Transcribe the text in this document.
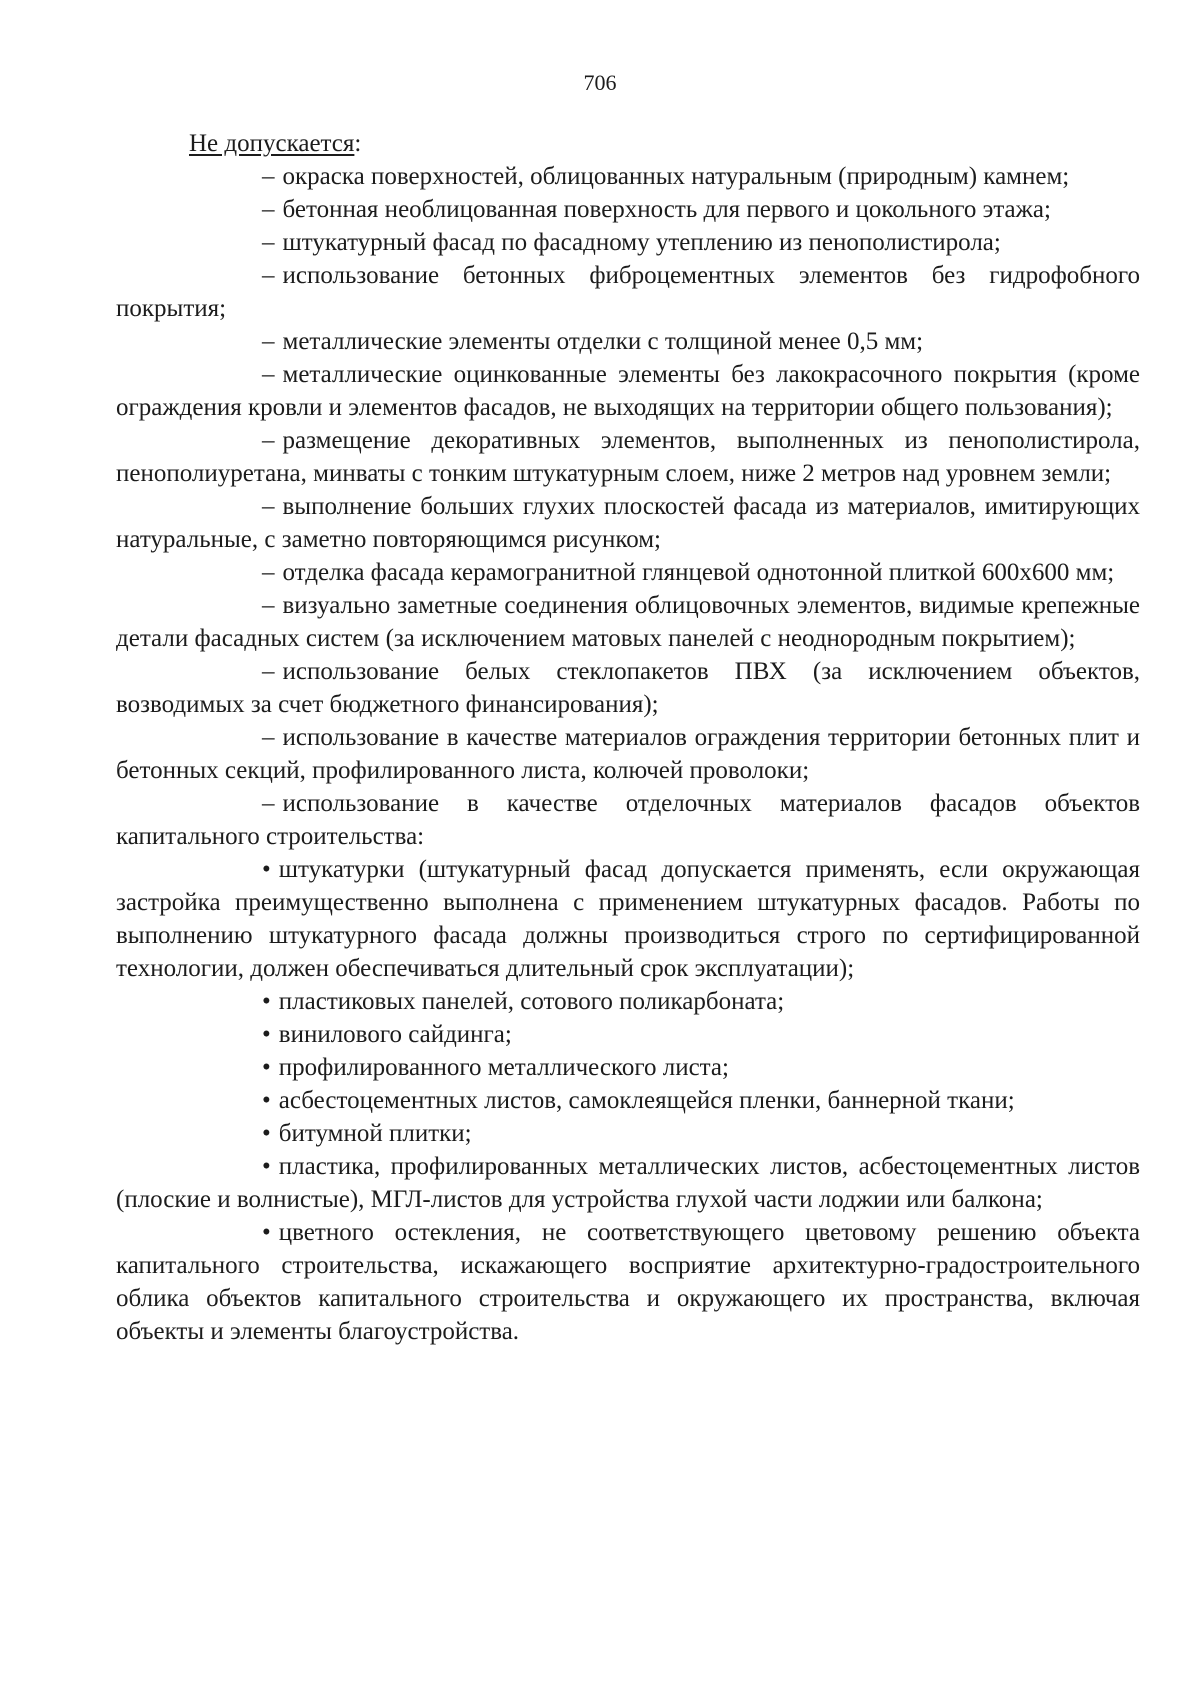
706

Не допускается:

– окраска поверхностей, облицованных натуральным (природным) камнем;

– бетонная необлицованная поверхность для первого и цокольного этажа;

– штукатурный фасад по фасадному утеплению из пенополистирола;

– использование бетонных фиброцементных элементов без гидрофобного покрытия;

– металлические элементы отделки с толщиной менее 0,5 мм;

– металлические оцинкованные элементы без лакокрасочного покрытия (кроме ограждения кровли и элементов фасадов, не выходящих на территории общего пользования);

– размещение декоративных элементов, выполненных из пенополистирола, пенополиуретана, минваты с тонким штукатурным слоем, ниже 2 метров над уровнем земли;

– выполнение больших глухих плоскостей фасада из материалов, имитирующих натуральные, с заметно повторяющимся рисунком;

– отделка фасада керамогранитной глянцевой однотонной плиткой 600х600 мм;

– визуально заметные соединения облицовочных элементов, видимые крепежные детали фасадных систем (за исключением матовых панелей с неоднородным покрытием);

– использование белых стеклопакетов ПВХ (за исключением объектов, возводимых за счет бюджетного финансирования);

– использование в качестве материалов ограждения территории бетонных плит и бетонных секций, профилированного листа, колючей проволоки;

– использование в качестве отделочных материалов фасадов объектов капитального строительства:

• штукатурки (штукатурный фасад допускается применять, если окружающая застройка преимущественно выполнена с применением штукатурных фасадов. Работы по выполнению штукатурного фасада должны производиться строго по сертифицированной технологии, должен обеспечиваться длительный срок эксплуатации);

• пластиковых панелей, сотового поликарбоната;

• винилового сайдинга;

• профилированного металлического листа;

• асбестоцементных листов, самоклеящейся пленки, баннерной ткани;

• битумной плитки;

• пластика, профилированных металлических листов, асбестоцементных листов (плоские и волнистые), МГЛ-листов для устройства глухой части лоджии или балкона;

• цветного остекления, не соответствующего цветовому решению объекта капитального строительства, искажающего восприятие архитектурно-градостроительного облика объектов капитального строительства и окружающего их пространства, включая объекты и элементы благоустройства.
